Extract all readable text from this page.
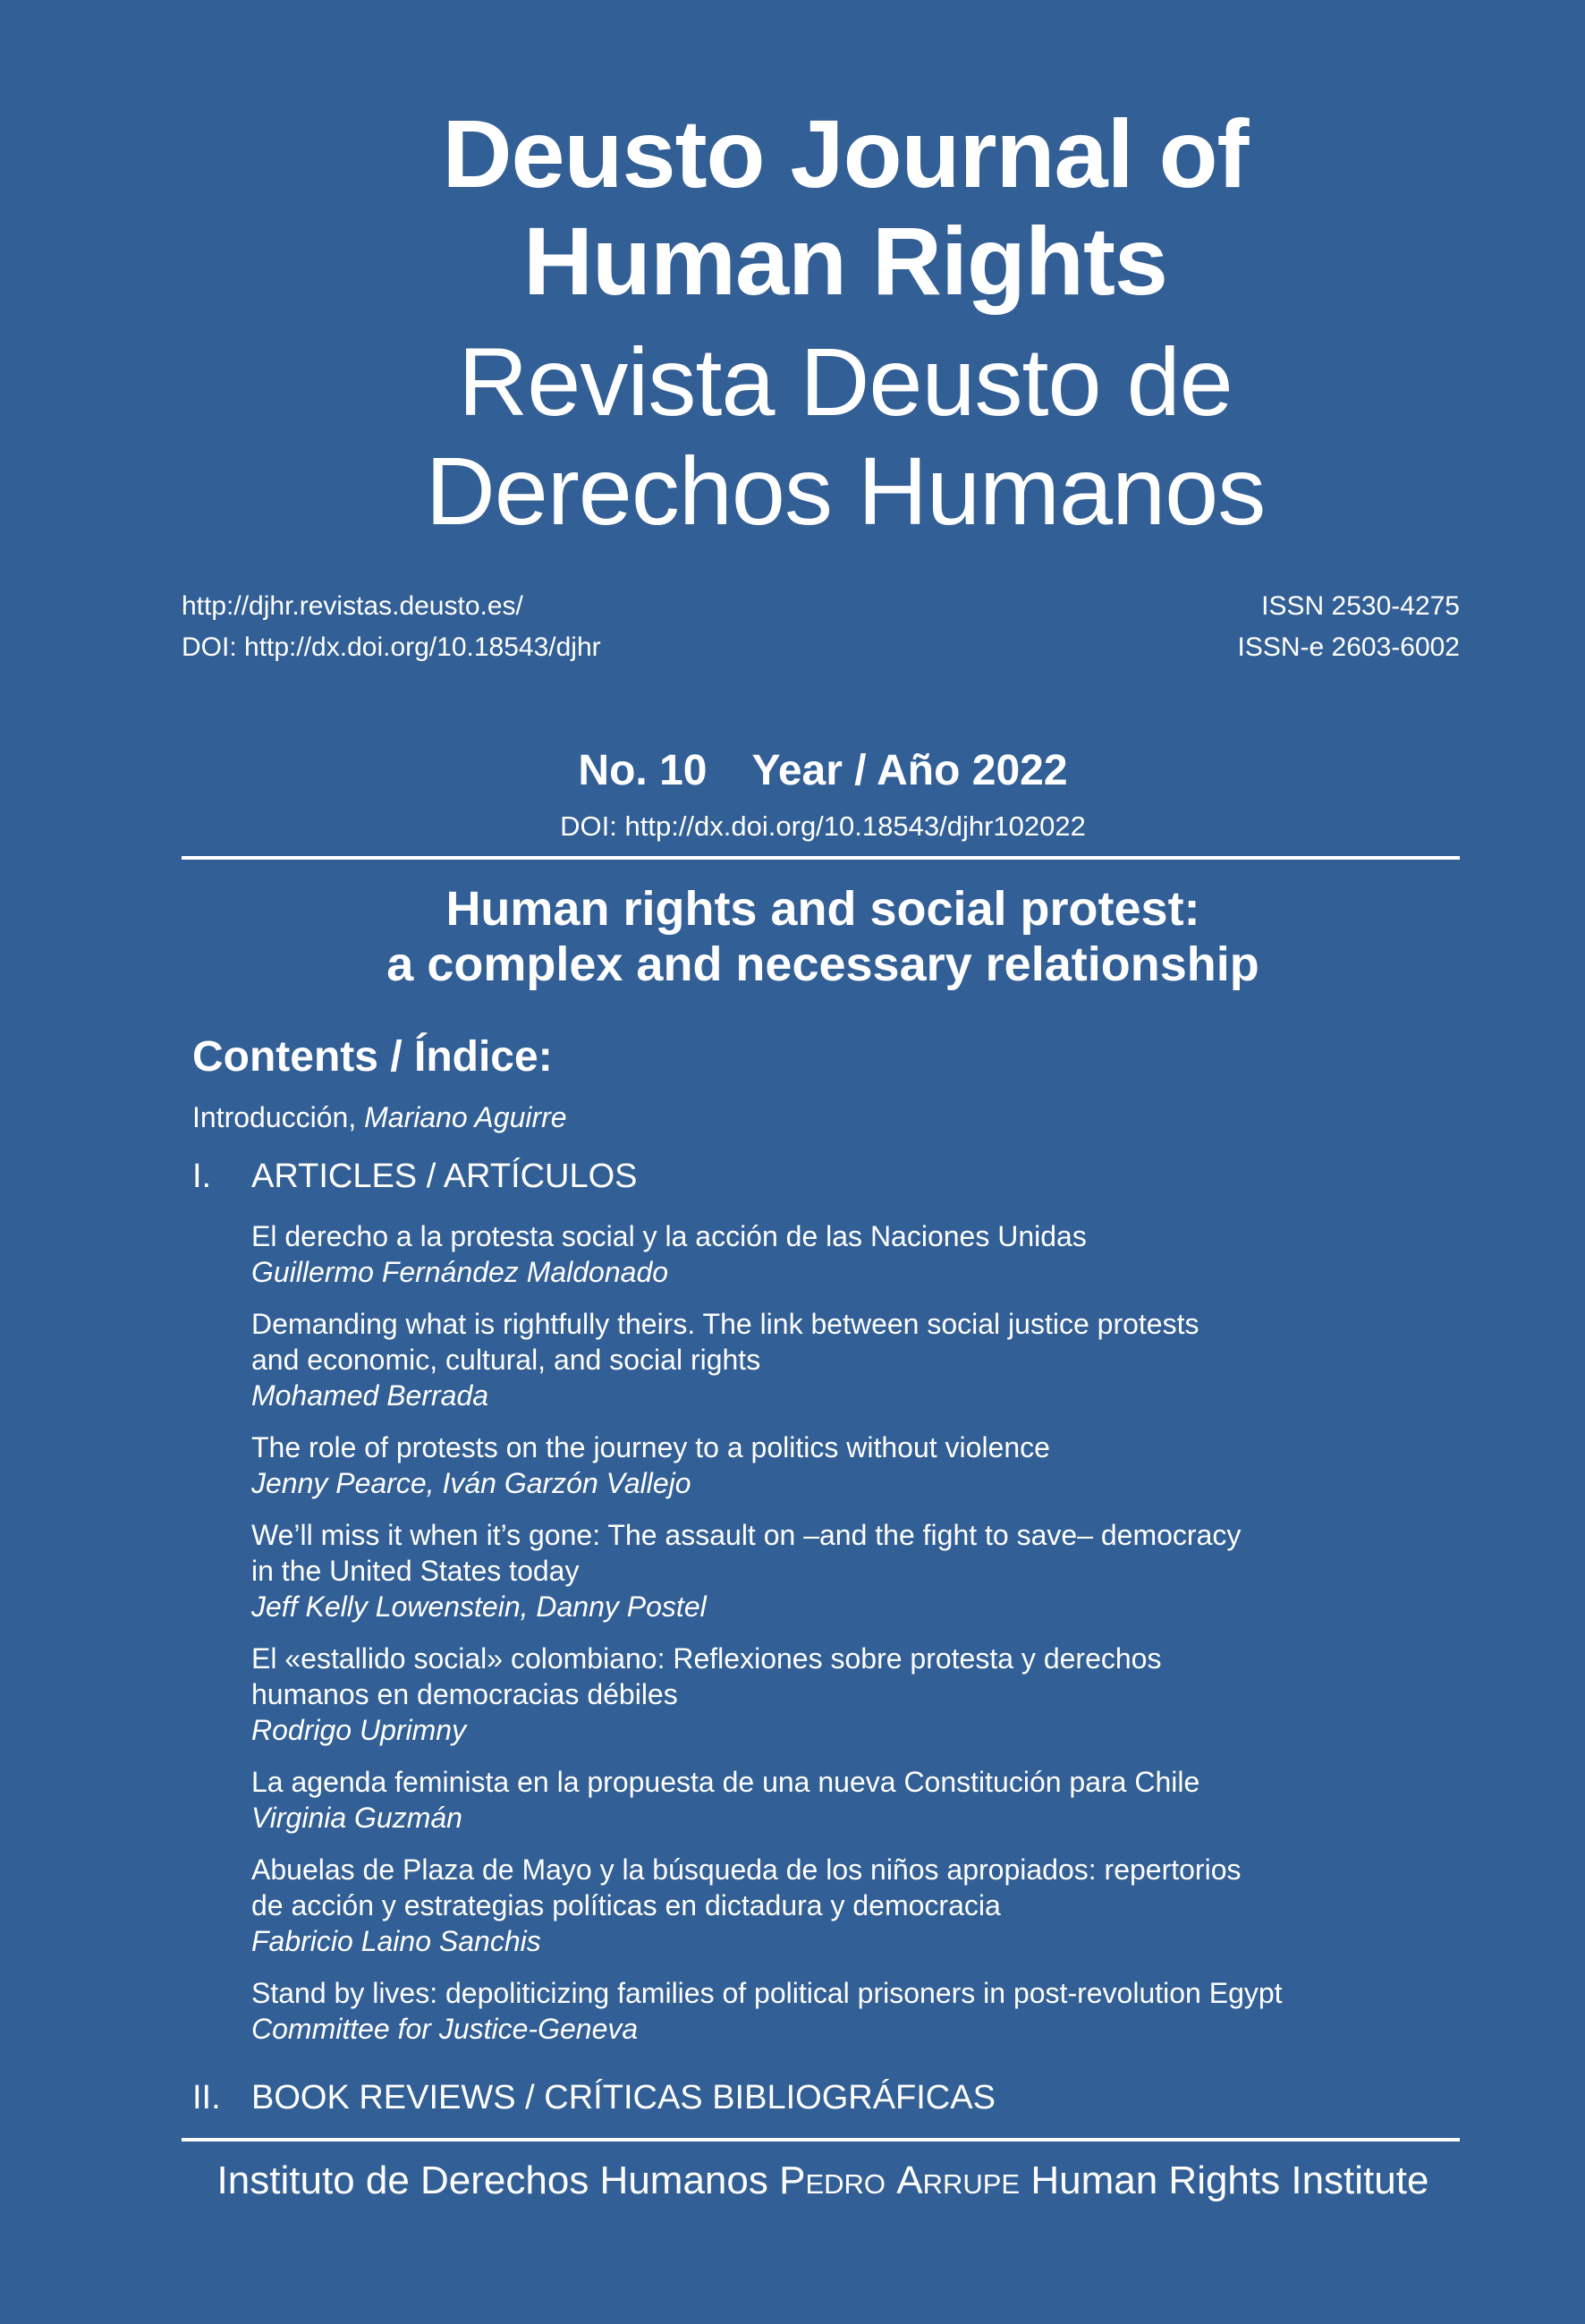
Deusto Journal of
Human Rights
Revista Deusto de
Derechos Humanos
http://djhr.revistas.deusto.es/
DOI: http://dx.doi.org/10.18543/djhr
ISSN 2530-4275
ISSN-e 2603-6002
No. 10 Year / Año 2022
DOI: http://dx.doi.org/10.18543/djhr102022
Human rights and social protest:
a complex and necessary relationship
Contents / Índice:
Introducción, Mariano Aguirre
I. ARTICLES / ARTÍCULOS
El derecho a la protesta social y la acción de las Naciones Unidas
Guillermo Fernández Maldonado
Demanding what is rightfully theirs. The link between social justice protests
and economic, cultural, and social rights
Mohamed Berrada
The role of protests on the journey to a politics without violence
Jenny Pearce, Iván Garzón Vallejo
We’ll miss it when it’s gone: The assault on –and the fight to save– democracy
in the United States today
Jeff Kelly Lowenstein, Danny Postel
El «estallido social» colombiano: Reflexiones sobre protesta y derechos
humanos en democracias débiles
Rodrigo Uprimny
La agenda feminista en la propuesta de una nueva Constitución para Chile
Virginia Guzmán
Abuelas de Plaza de Mayo y la búsqueda de los niños apropiados: repertorios
de acción y estrategias políticas en dictadura y democracia
Fabricio Laino Sanchis
Stand by lives: depoliticizing families of political prisoners in post-revolution Egypt
Committee for Justice-Geneva
II. BOOK REVIEWS / CRÍTICAS BIBLIOGRÁFICAS
Instituto de Derechos Humanos Pedro Arrupe Human Rights Institute
